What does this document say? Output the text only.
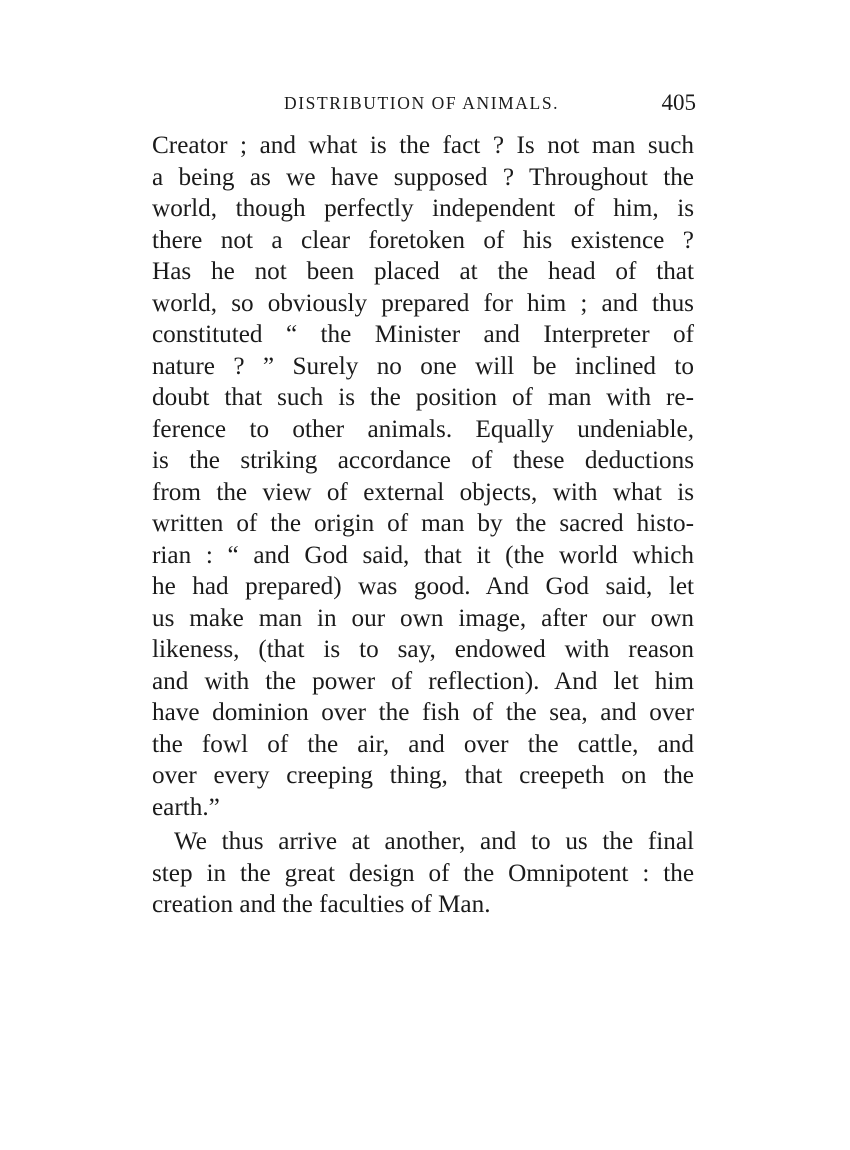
DISTRIBUTION OF ANIMALS.	405
Creator ; and what is the fact ? Is not man such
a being as we have supposed ? Throughout the
world, though perfectly independent of him, is
there not a clear foretoken of his existence ?
Has he not been placed at the head of that
world, so obviously prepared for him ; and thus
constituted “ the Minister and Interpreter of
nature ? ” Surely no one will be inclined to
doubt that such is the position of man with re-
ference to other animals. Equally undeniable,
is the striking accordance of these deductions
from the view of external objects, with what is
written of the origin of man by the sacred histo-
rian : “ and God said, that it (the world which
he had prepared) was good. And God said, let
us make man in our own image, after our own
likeness, (that is to say, endowed with reason
and with the power of reflection). And let him
have dominion over the fish of the sea, and over
the fowl of the air, and over the cattle, and
over every creeping thing, that creepeth on the
earth.”
We thus arrive at another, and to us the final
step in the great design of the Omnipotent : the
creation and the faculties of Man.
